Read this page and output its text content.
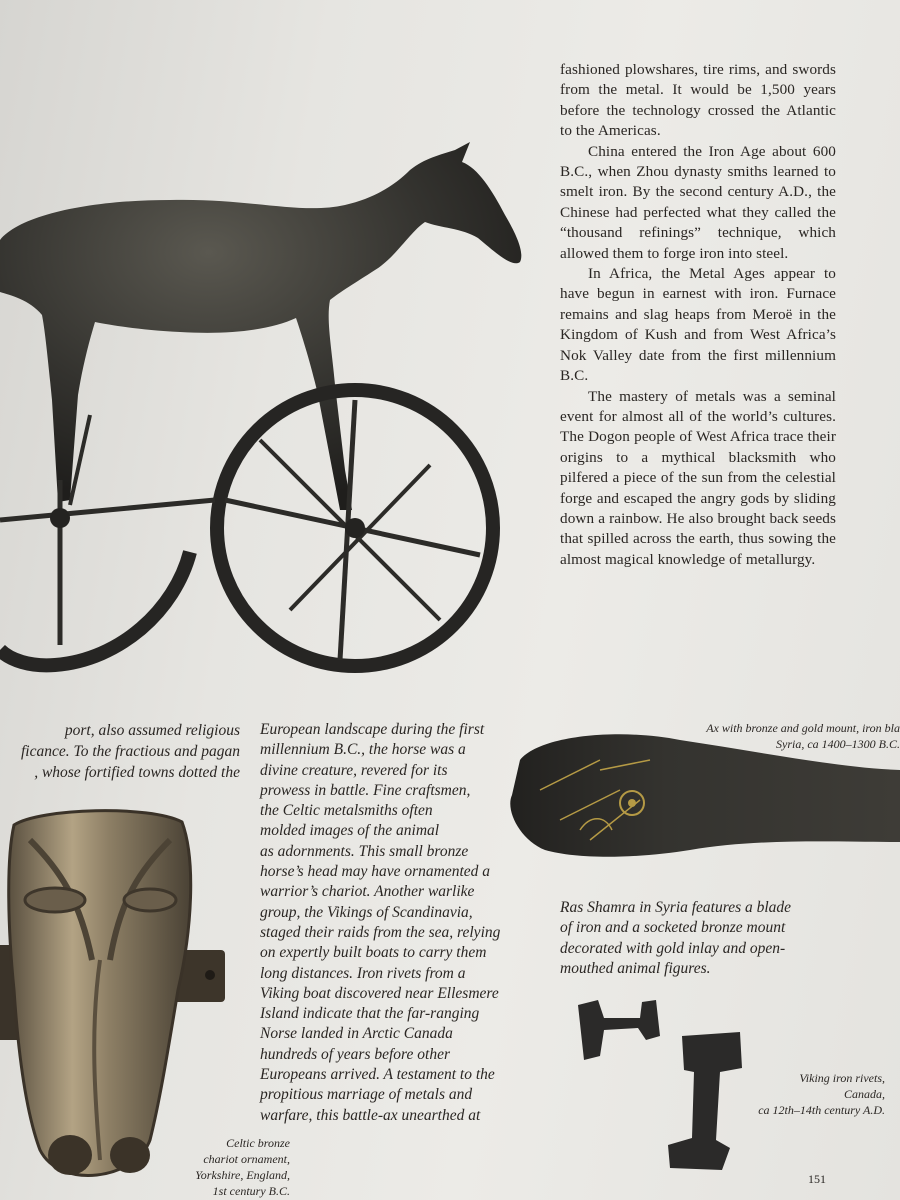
fashioned plowshares, tire rims, and swords from the metal. It would be 1,500 years before the technology crossed the Atlantic to the Americas.

China entered the Iron Age about 600 B.C., when Zhou dynasty smiths learned to smelt iron. By the second century A.D., the Chinese had perfected what they called the “thousand refinings” technique, which allowed them to forge iron into steel.

In Africa, the Metal Ages appear to have begun in earnest with iron. Furnace remains and slag heaps from Meroë in the Kingdom of Kush and from West Africa’s Nok Valley date from the first millennium B.C.

The mastery of metals was a seminal event for almost all of the world’s cultures. The Dogon people of West Africa trace their origins to a mythical blacksmith who pilfered a piece of the sun from the celestial forge and escaped the angry gods by sliding down a rainbow. He also brought back seeds that spilled across the earth, thus sowing the almost magical knowledge of metallurgy.

port, also assumed religious
ficance. To the fractious and pagan
, whose fortified towns dotted the
European landscape during the first
millennium B.C., the horse was a
divine creature, revered for its
prowess in battle. Fine craftsmen,
the Celtic metalsmiths often
molded images of the animal
as adornments. This small bronze
horse’s head may have ornamented a
warrior’s chariot. Another warlike
group, the Vikings of Scandinavia,
staged their raids from the sea, relying
on expertly built boats to carry them
long distances. Iron rivets from a
Viking boat discovered near Ellesmere
Island indicate that the far-ranging
Norse landed in Arctic Canada
hundreds of years before other
Europeans arrived. A testament to the
propitious marriage of metals and
warfare, this battle-ax unearthed at
Ax with bronze and gold mount, iron bla
Syria, ca 1400–1300 B.C.
Ras Shamra in Syria features a blade
of iron and a socketed bronze mount
decorated with gold inlay and open-
mouthed animal figures.
Viking iron rivets,
Canada,
ca 12th–14th century A.D.
Celtic bronze
chariot ornament,
Yorkshire, England,
1st century B.C.
151
